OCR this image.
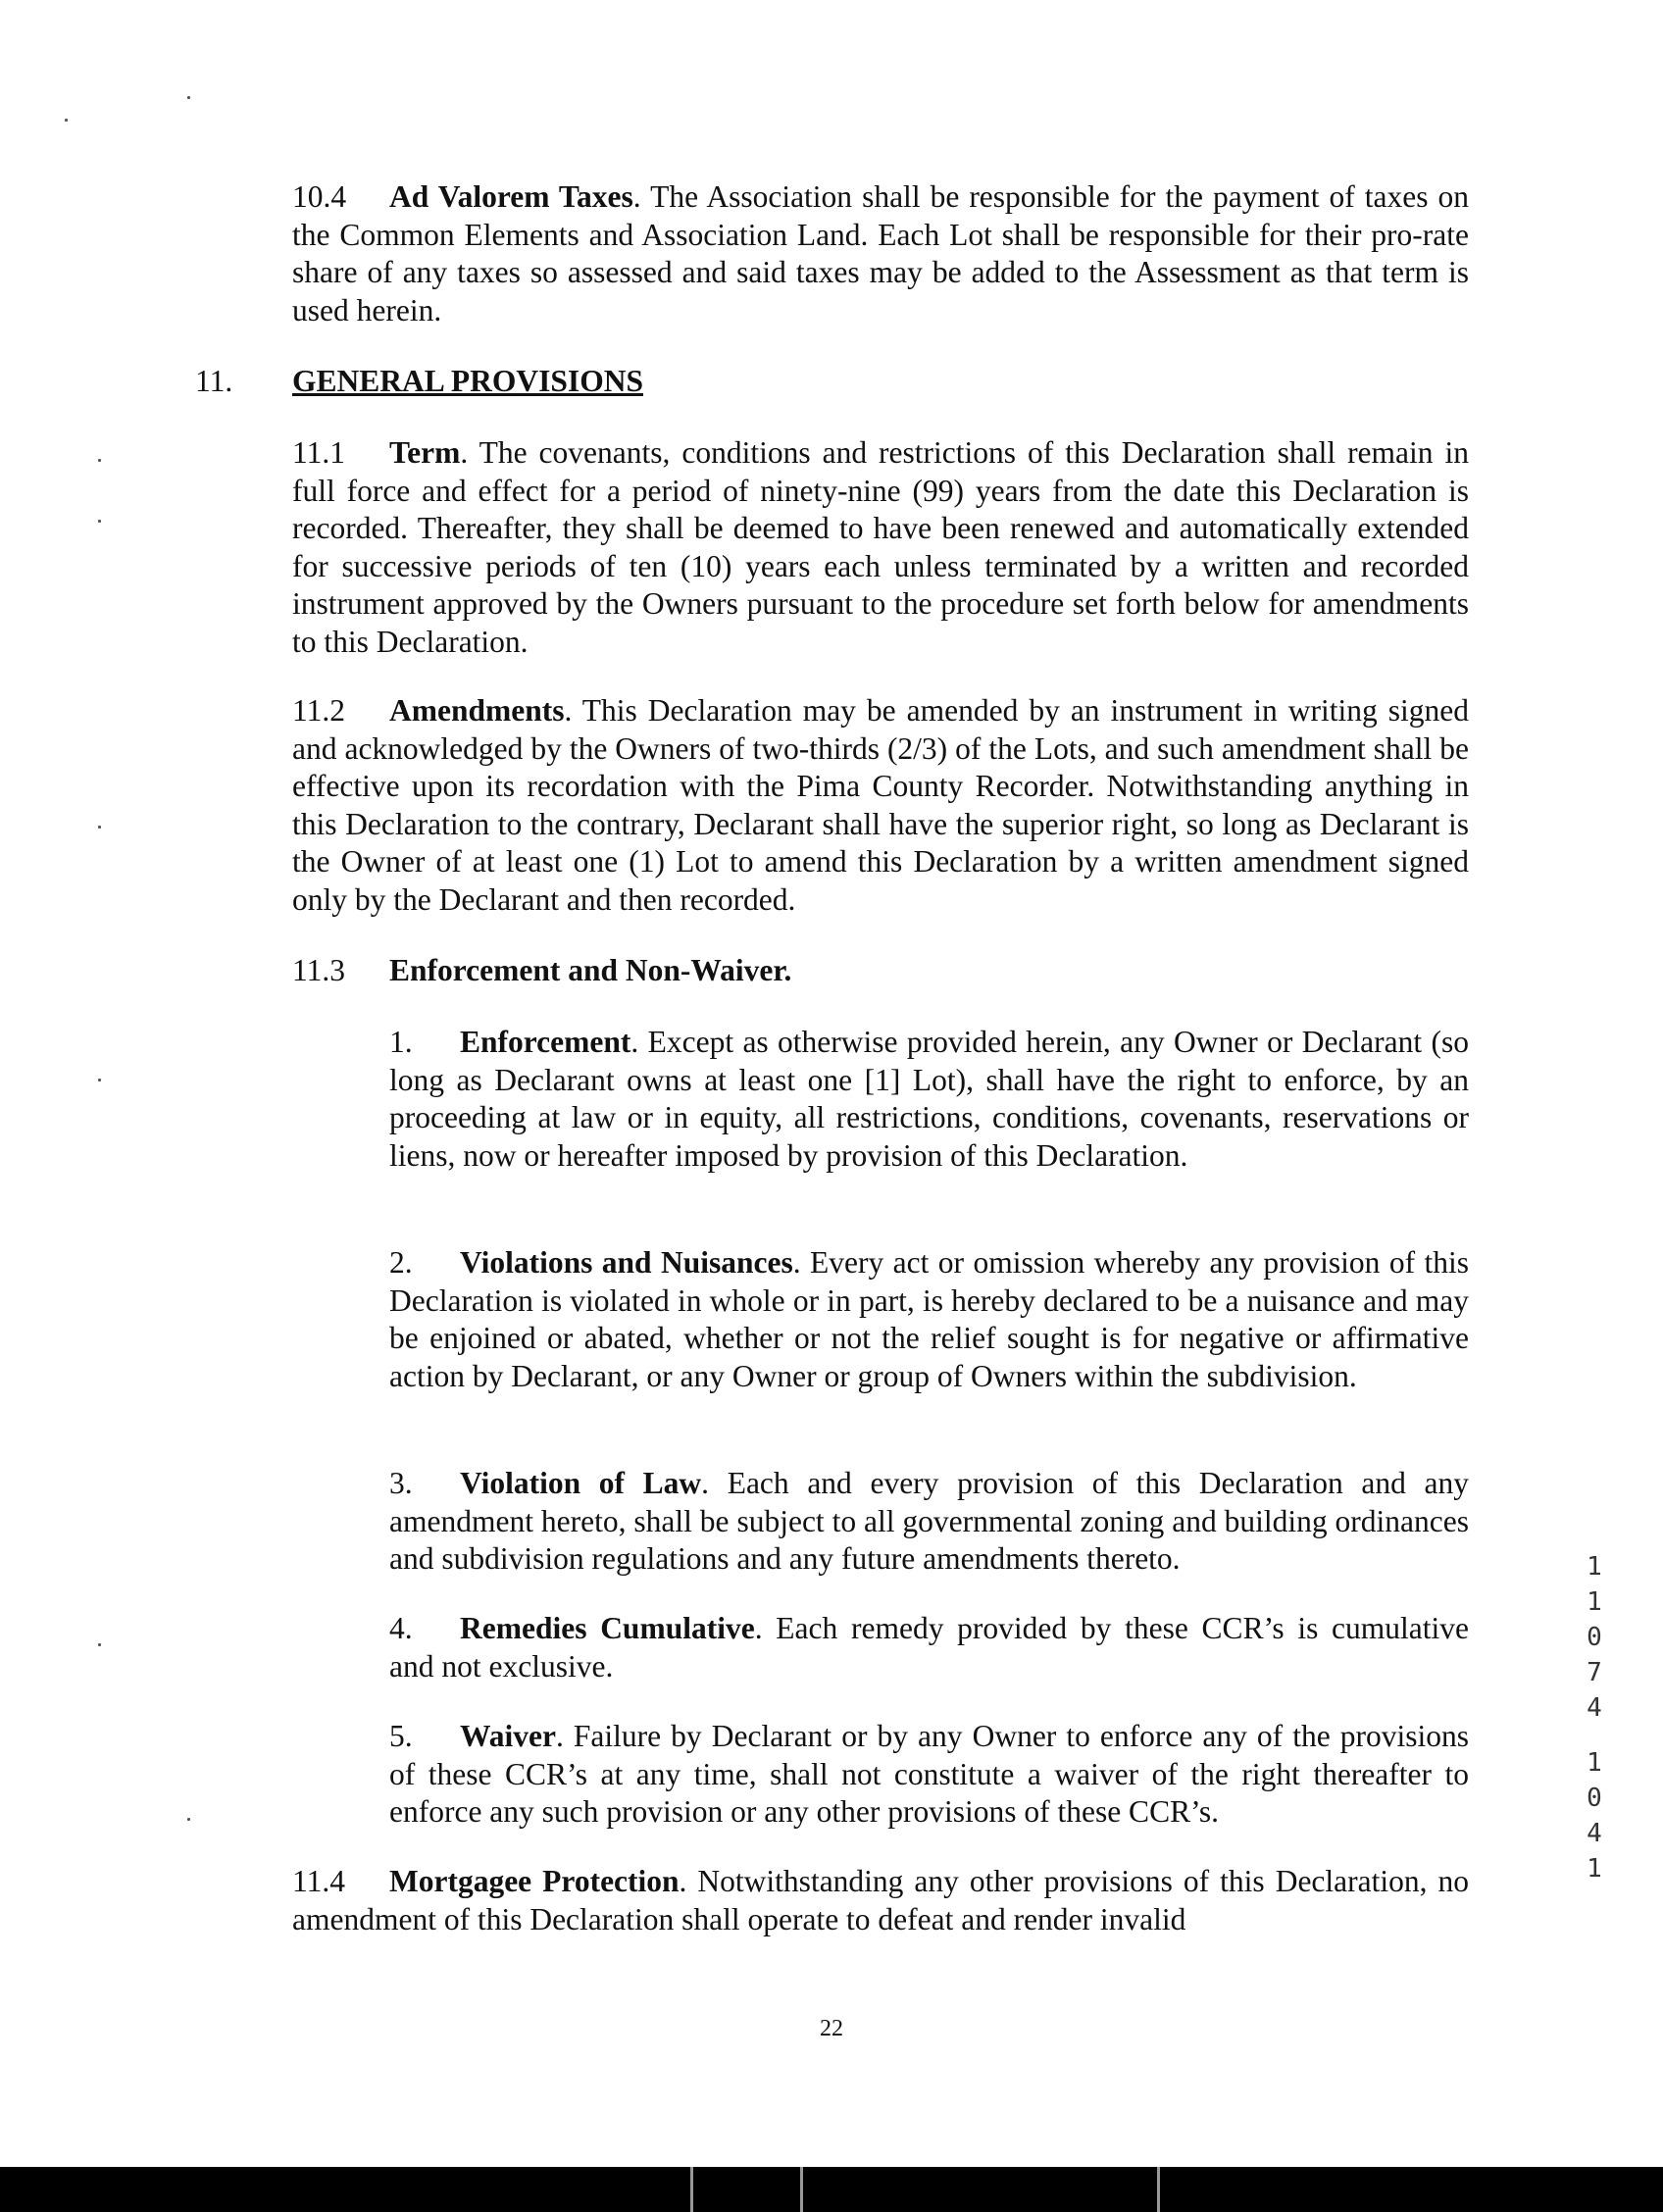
10.4 Ad Valorem Taxes. The Association shall be responsible for the payment of taxes on the Common Elements and Association Land. Each Lot shall be responsible for their pro-rate share of any taxes so assessed and said taxes may be added to the Assessment as that term is used herein.

11.	GENERAL PROVISIONS

11.1 Term. The covenants, conditions and restrictions of this Declaration shall remain in full force and effect for a period of ninety-nine (99) years from the date this Declaration is recorded. Thereafter, they shall be deemed to have been renewed and automatically extended for successive periods of ten (10) years each unless terminated by a written and recorded instrument approved by the Owners pursuant to the procedure set forth below for amendments to this Declaration.

11.2 Amendments. This Declaration may be amended by an instrument in writing signed and acknowledged by the Owners of two-thirds (2/3) of the Lots, and such amendment shall be effective upon its recordation with the Pima County Recorder. Notwithstanding anything in this Declaration to the contrary, Declarant shall have the superior right, so long as Declarant is the Owner of at least one (1) Lot to amend this Declaration by a written amendment signed only by the Declarant and then recorded.

11.3 Enforcement and Non-Waiver.

1. Enforcement. Except as otherwise provided herein, any Owner or Declarant (so long as Declarant owns at least one [1] Lot), shall have the right to enforce, by an proceeding at law or in equity, all restrictions, conditions, covenants, reservations or liens, now or hereafter imposed by provision of this Declaration.

2. Violations and Nuisances. Every act or omission whereby any provision of this Declaration is violated in whole or in part, is hereby declared to be a nuisance and may be enjoined or abated, whether or not the relief sought is for negative or affirmative action by Declarant, or any Owner or group of Owners within the subdivision.

3. Violation of Law. Each and every provision of this Declaration and any amendment hereto, shall be subject to all governmental zoning and building ordinances and subdivision regulations and any future amendments thereto.

4. Remedies Cumulative. Each remedy provided by these CCR’s is cumulative and not exclusive.

5. Waiver. Failure by Declarant or by any Owner to enforce any of the provisions of these CCR’s at any time, shall not constitute a waiver of the right thereafter to enforce any such provision or any other provisions of these CCR’s.

11.4 Mortgagee Protection. Notwithstanding any other provisions of this Declaration, no amendment of this Declaration shall operate to defeat and render invalid

22
1
1
0
7
4
1
0
4
1
